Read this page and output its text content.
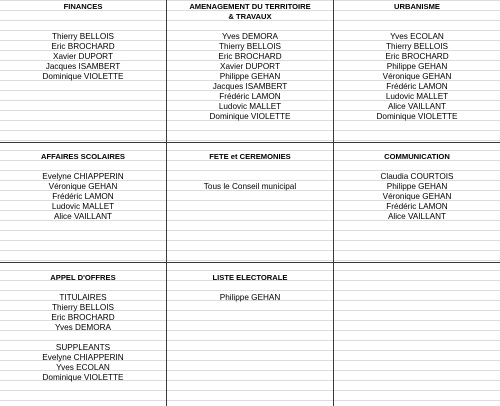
FINANCES
Thierry BELLOIS
Eric BROCHARD
Xavier DUPORT
Jacques ISAMBERT
Dominique VIOLETTE
AMENAGEMENT DU TERRITOIRE
& TRAVAUX
Yves DEMORA
Thierry BELLOIS
Eric BROCHARD
Xavier DUPORT
Philippe GEHAN
Jacques ISAMBERT
Frédéric LAMON
Ludovic MALLET
Dominique VIOLETTE
URBANISME
Yves ECOLAN
Thierry BELLOIS
Eric BROCHARD
Philippe GEHAN
Véronique GEHAN
Frédéric LAMON
Ludovic MALLET
Alice VAILLANT
Dominique VIOLETTE
AFFAIRES SCOLAIRES
Evelyne CHIAPPERIN
Véronique GEHAN
Frédéric LAMON
Ludovic MALLET
Alice VAILLANT
FETE et CEREMONIES
Tous le Conseil municipal
COMMUNICATION
Claudia COURTOIS
Philippe GEHAN
Véronique GEHAN
Frédéric LAMON
Alice VAILLANT
APPEL D'OFFRES
TITULAIRES
Thierry BELLOIS
Eric BROCHARD
Yves DEMORA
SUPPLEANTS
Evelyne CHIAPPERIN
Yves ECOLAN
Dominique VIOLETTE
LISTE ELECTORALE
Philippe GEHAN
